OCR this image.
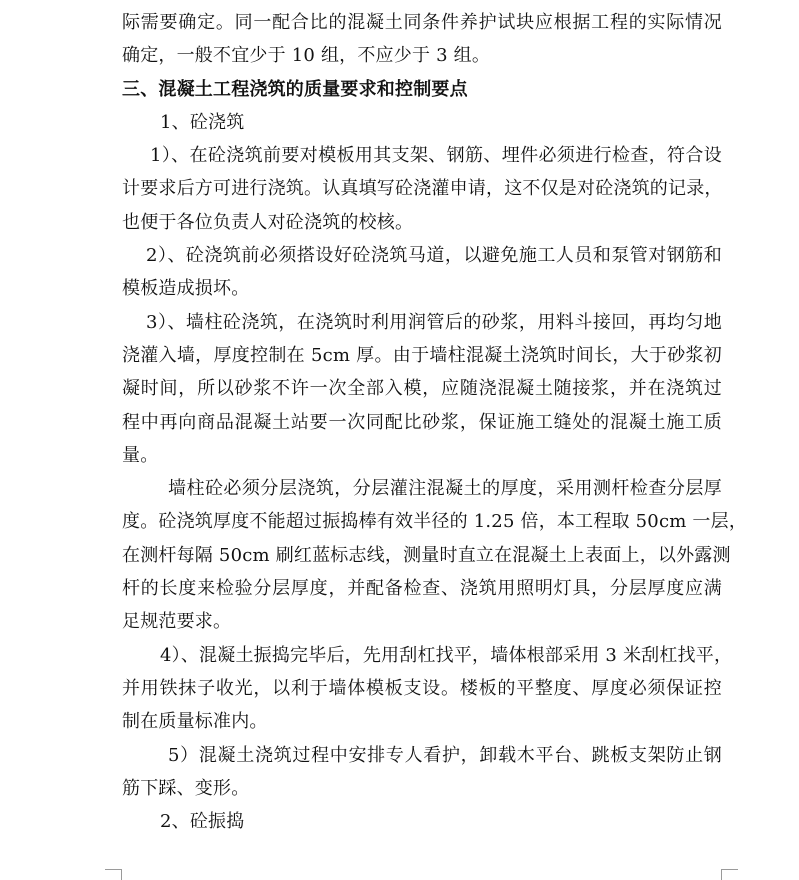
际需要确定。同一配合比的混凝土同条件养护试块应根据工程的实际情况
确定，一般不宜少于 10 组，不应少于 3 组。
三、混凝土工程浇筑的质量要求和控制要点
1、砼浇筑
1）、在砼浇筑前要对模板用其支架、钢筋、埋件必须进行检查，符合设
计要求后方可进行浇筑。认真填写砼浇灌申请，这不仅是对砼浇筑的记录，
也便于各位负责人对砼浇筑的校核。
2）、砼浇筑前必须搭设好砼浇筑马道，以避免施工人员和泵管对钢筋和
模板造成损坏。
3）、墙柱砼浇筑，在浇筑时利用润管后的砂浆，用料斗接回，再均匀地
浇灌入墙，厚度控制在 5cm 厚。由于墙柱混凝土浇筑时间长，大于砂浆初
凝时间，所以砂浆不许一次全部入模，应随浇混凝土随接浆，并在浇筑过
程中再向商品混凝土站要一次同配比砂浆，保证施工缝处的混凝土施工质
量。
墙柱砼必须分层浇筑，分层灌注混凝土的厚度，采用测杆检查分层厚
度。砼浇筑厚度不能超过振捣棒有效半径的 1.25 倍，本工程取 50cm 一层，
在测杆每隔 50cm 刷红蓝标志线，测量时直立在混凝土上表面上，以外露测
杆的长度来检验分层厚度，并配备检查、浇筑用照明灯具，分层厚度应满
足规范要求。
4）、混凝土振捣完毕后，先用刮杠找平，墙体根部采用 3 米刮杠找平，
并用铁抹子收光，以利于墙体模板支设。楼板的平整度、厚度必须保证控
制在质量标准内。
5）混凝土浇筑过程中安排专人看护，卸载木平台、跳板支架防止钢
筋下踩、变形。
2、砼振捣
